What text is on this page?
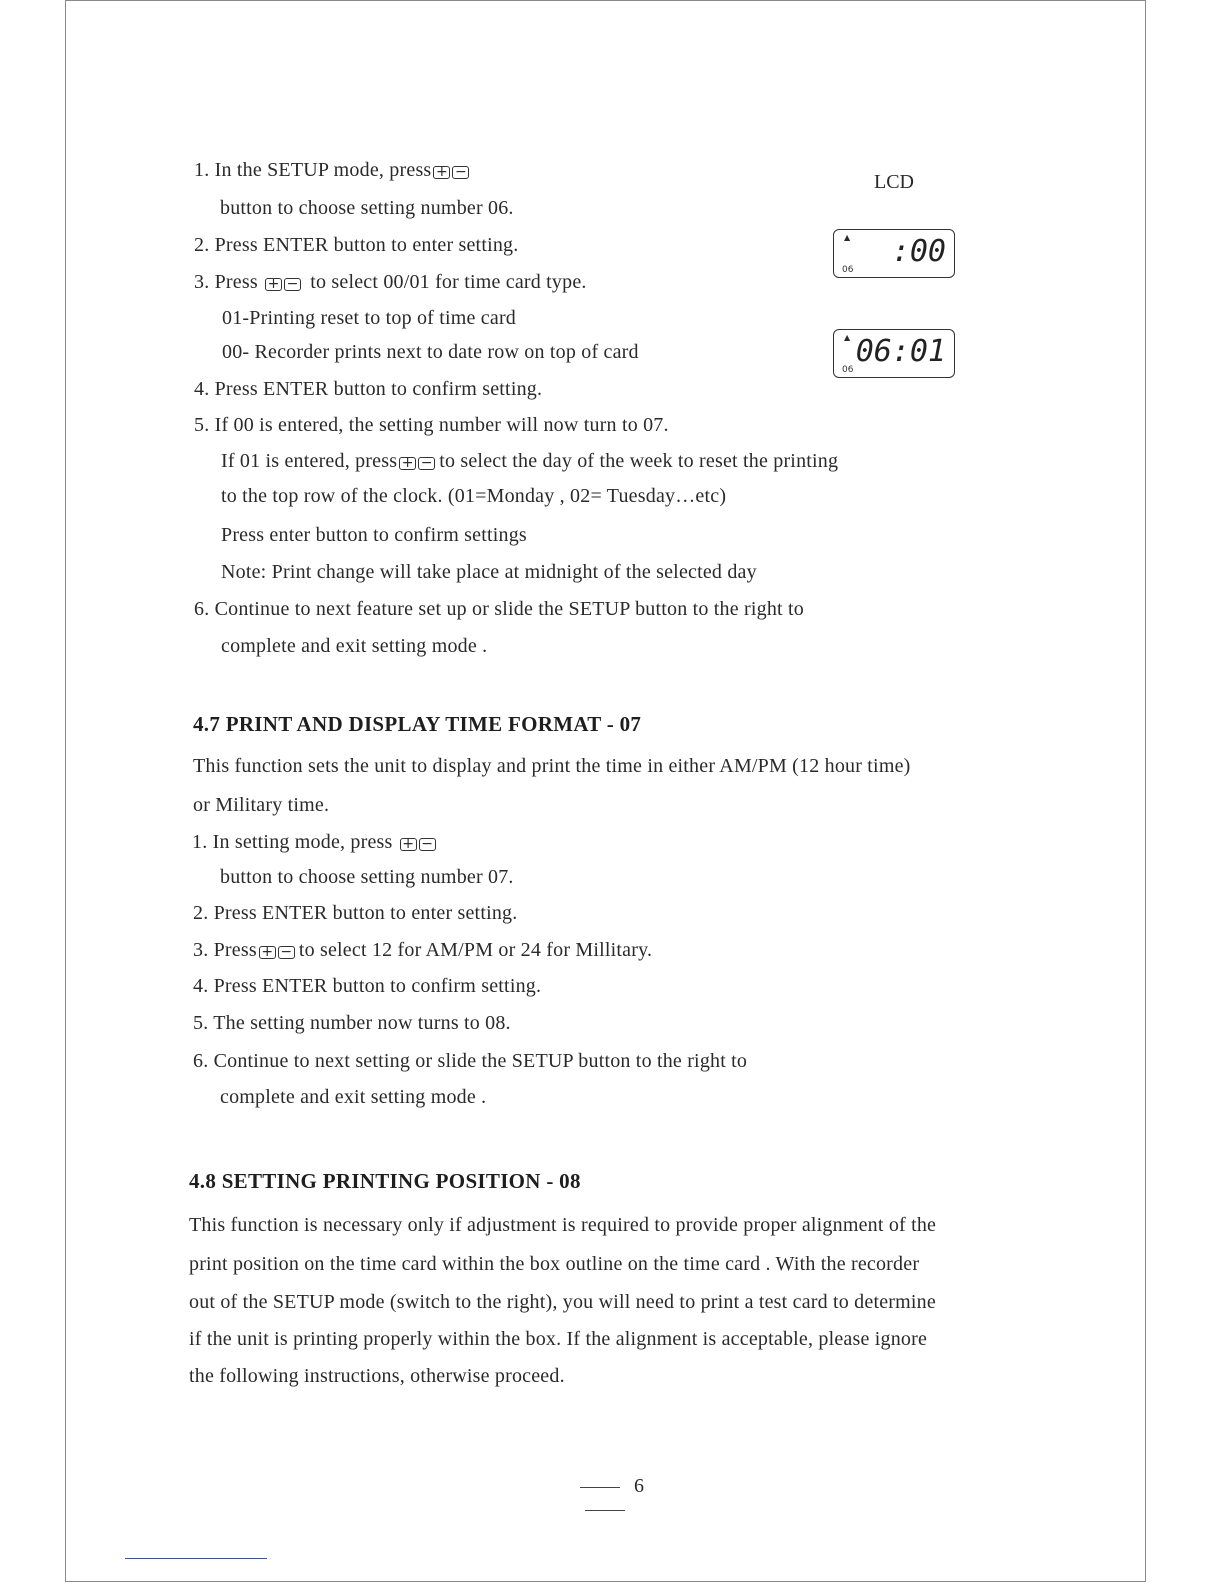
1. In the SETUP mode, press + −
button to choose setting number 06.
2. Press ENTER button to enter setting.
3. Press + − to select 00/01 for time card type.
01-Printing reset to top of time card
00- Recorder prints next to date row on top of card
4. Press ENTER button to confirm setting.
5. If 00 is entered, the setting number will now turn to 07.
If 01 is entered, press + − to select the day of the week to reset the printing
to the top row of the clock. (01=Monday , 02= Tuesday…etc)
Press enter button to confirm settings
Note: Print change will take place at midnight of the selected day
6. Continue to next feature set up or slide the SETUP button to the right to
complete and exit setting mode .
LCD
▲
06
:00
▲
06
06:01
4.7 PRINT AND DISPLAY TIME FORMAT - 07
This function sets the unit to display and print the time in either AM/PM (12 hour time)
or Military time.
1. In setting mode, press + −
button to choose setting number 07.
2. Press ENTER button to enter setting.
3. Press + − to select 12 for AM/PM or 24 for Millitary.
4. Press ENTER button to confirm setting.
5. The setting number now turns to 08.
6. Continue to next setting or slide the SETUP button to the right to
complete and exit setting mode .
4.8 SETTING PRINTING POSITION - 08
This function is necessary only if adjustment is required to provide proper alignment of the
print position on the time card within the box outline on the time card . With the recorder
out of the SETUP mode (switch to the right), you will need to print a test card to determine
if the unit is printing properly within the box. If the alignment is acceptable, please ignore
the following instructions, otherwise proceed.
6
